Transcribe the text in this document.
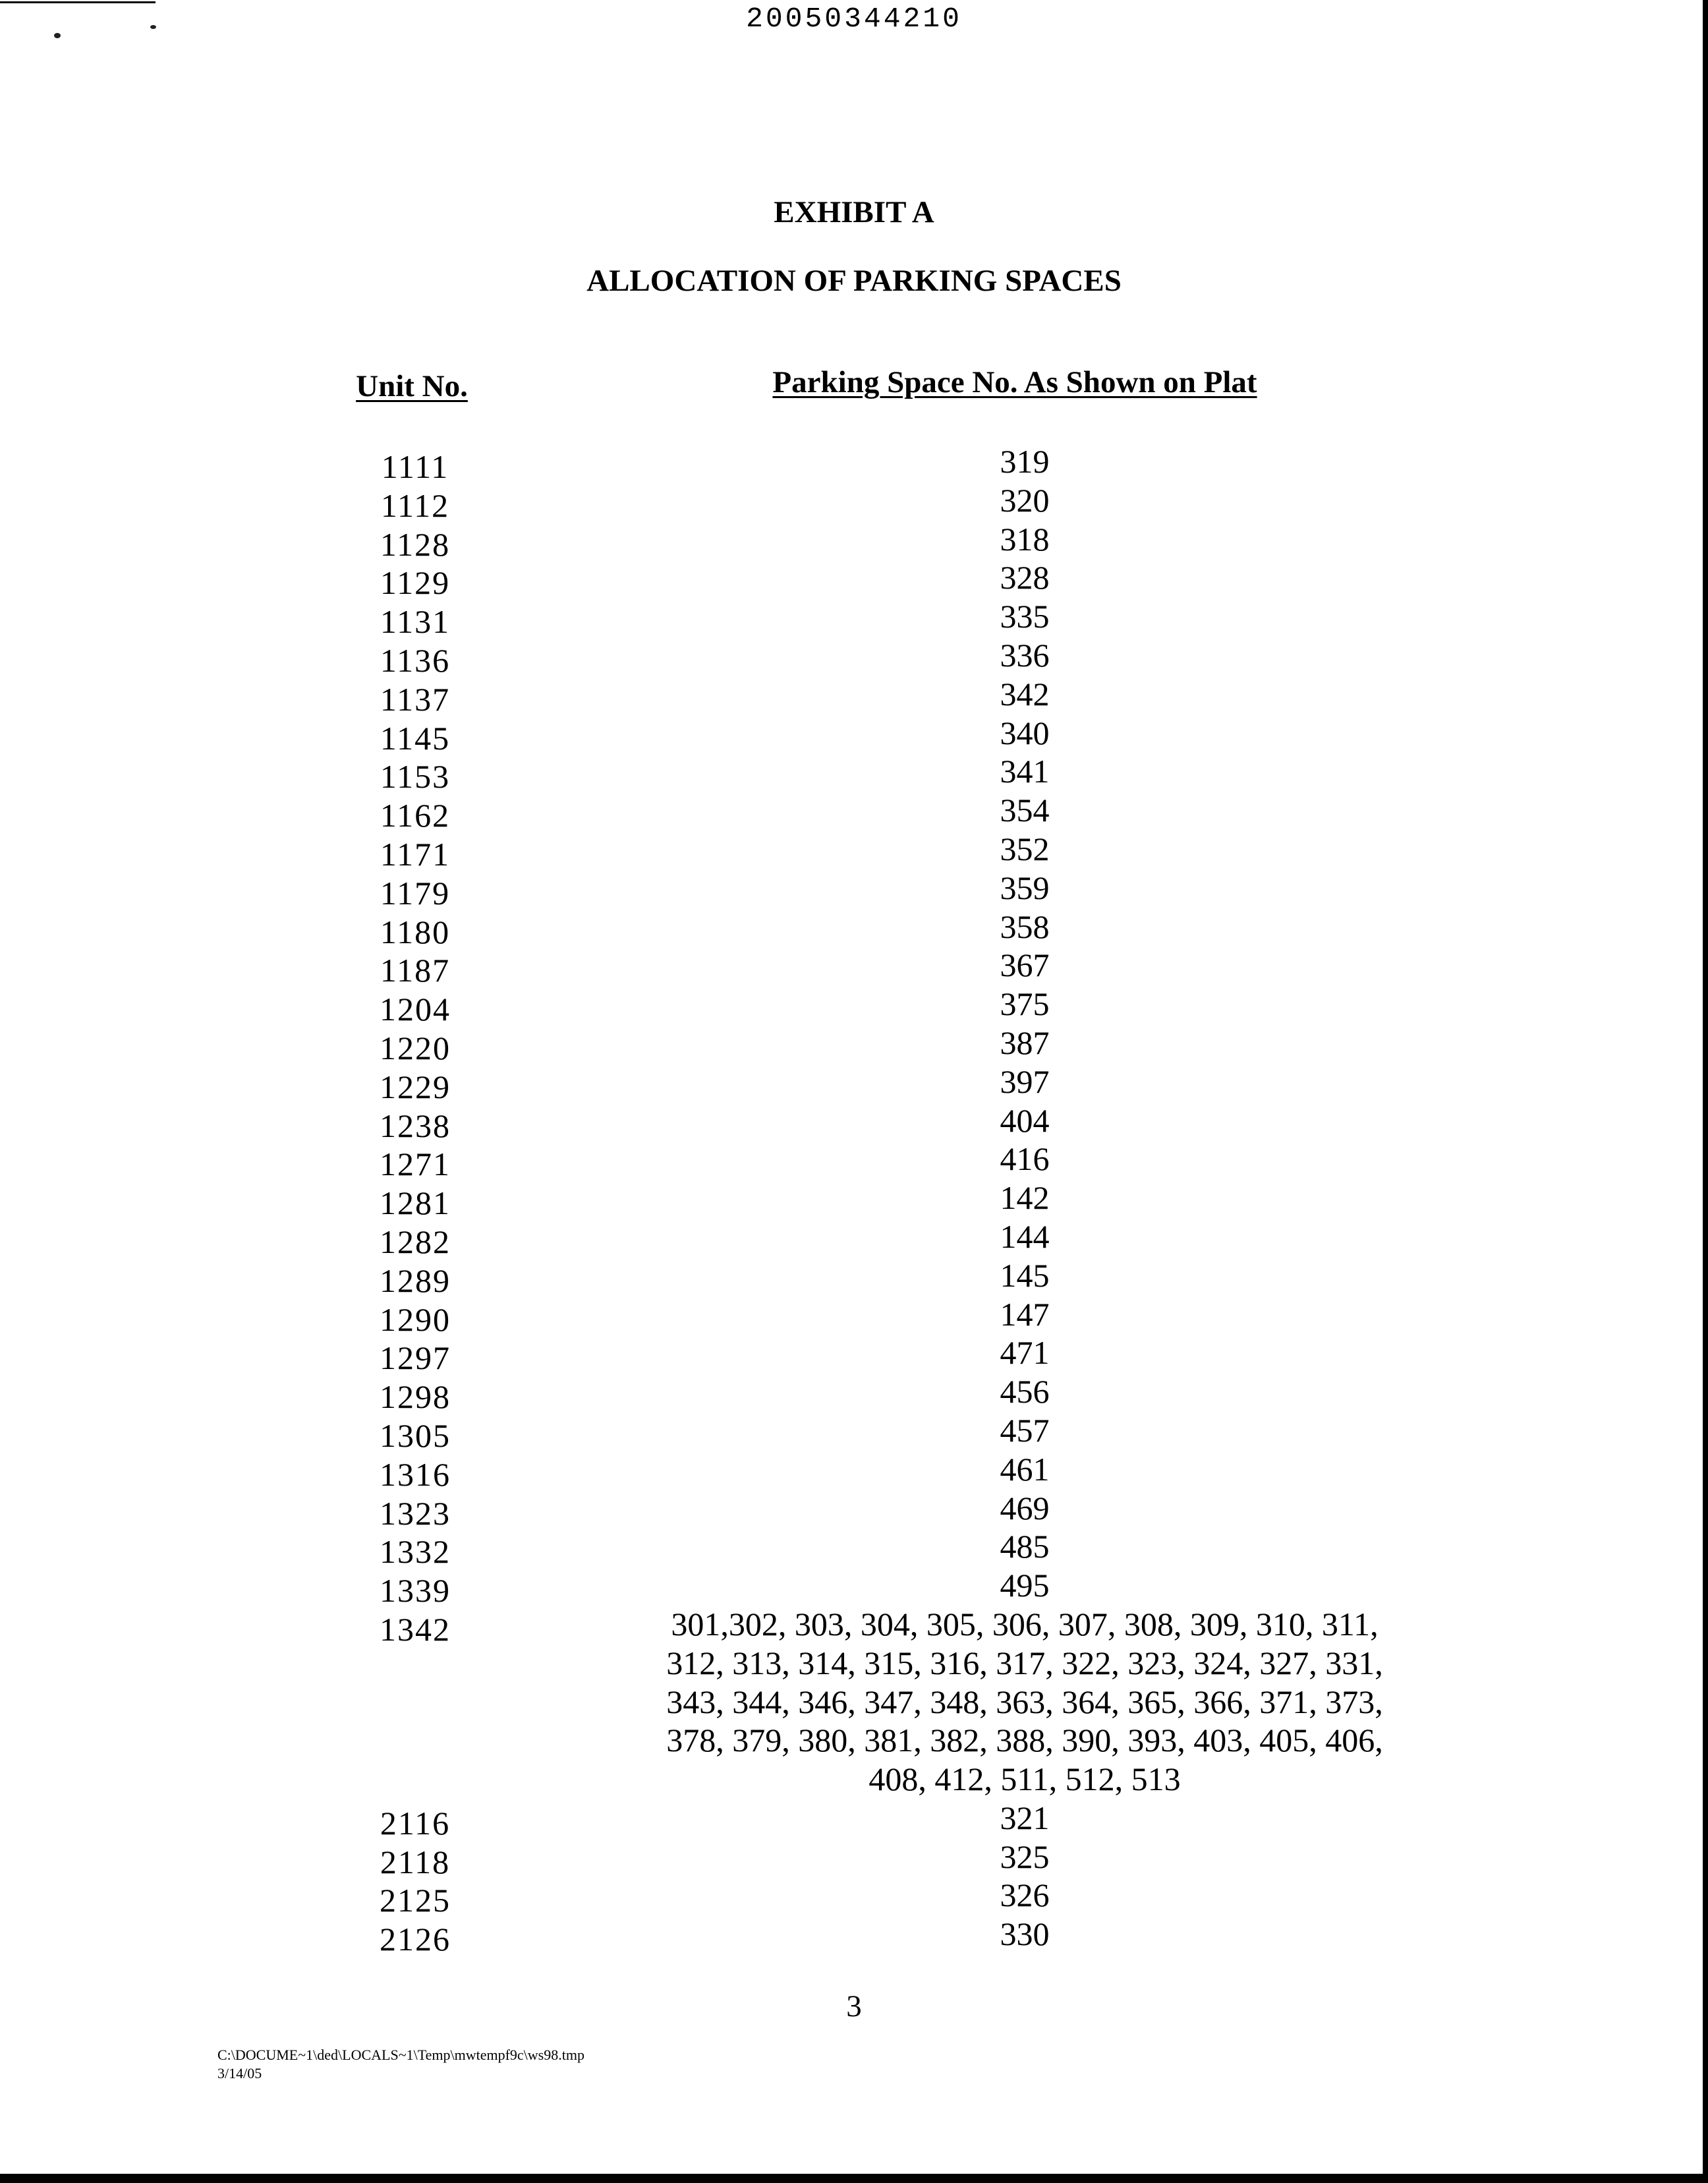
20050344210
EXHIBIT A
ALLOCATION OF PARKING SPACES
Unit No.	Parking Space No. As Shown on Plat
1111	319
1112	320
1128	318
1129	328
1131	335
1136	336
1137	342
1145	340
1153	341
1162	354
1171	352
1179	359
1180	358
1187	367
1204	375
1220	387
1229	397
1238	404
1271	416
1281	142
1282	144
1289	145
1290	147
1297	471
1298	456
1305	457
1316	461
1323	469
1332	485
1339	495
1342	301,302, 303, 304, 305, 306, 307, 308, 309, 310, 311, 312, 313, 314, 315, 316, 317, 322, 323, 324, 327, 331, 343, 344, 346, 347, 348, 363, 364, 365, 366, 371, 373, 378, 379, 380, 381, 382, 388, 390, 393, 403, 405, 406, 408, 412, 511, 512, 513
2116	321
2118	325
2125	326
2126	330
3
C:\DOCUME~1\ded\LOCALS~1\Temp\mwtempf9c\ws98.tmp
3/14/05
